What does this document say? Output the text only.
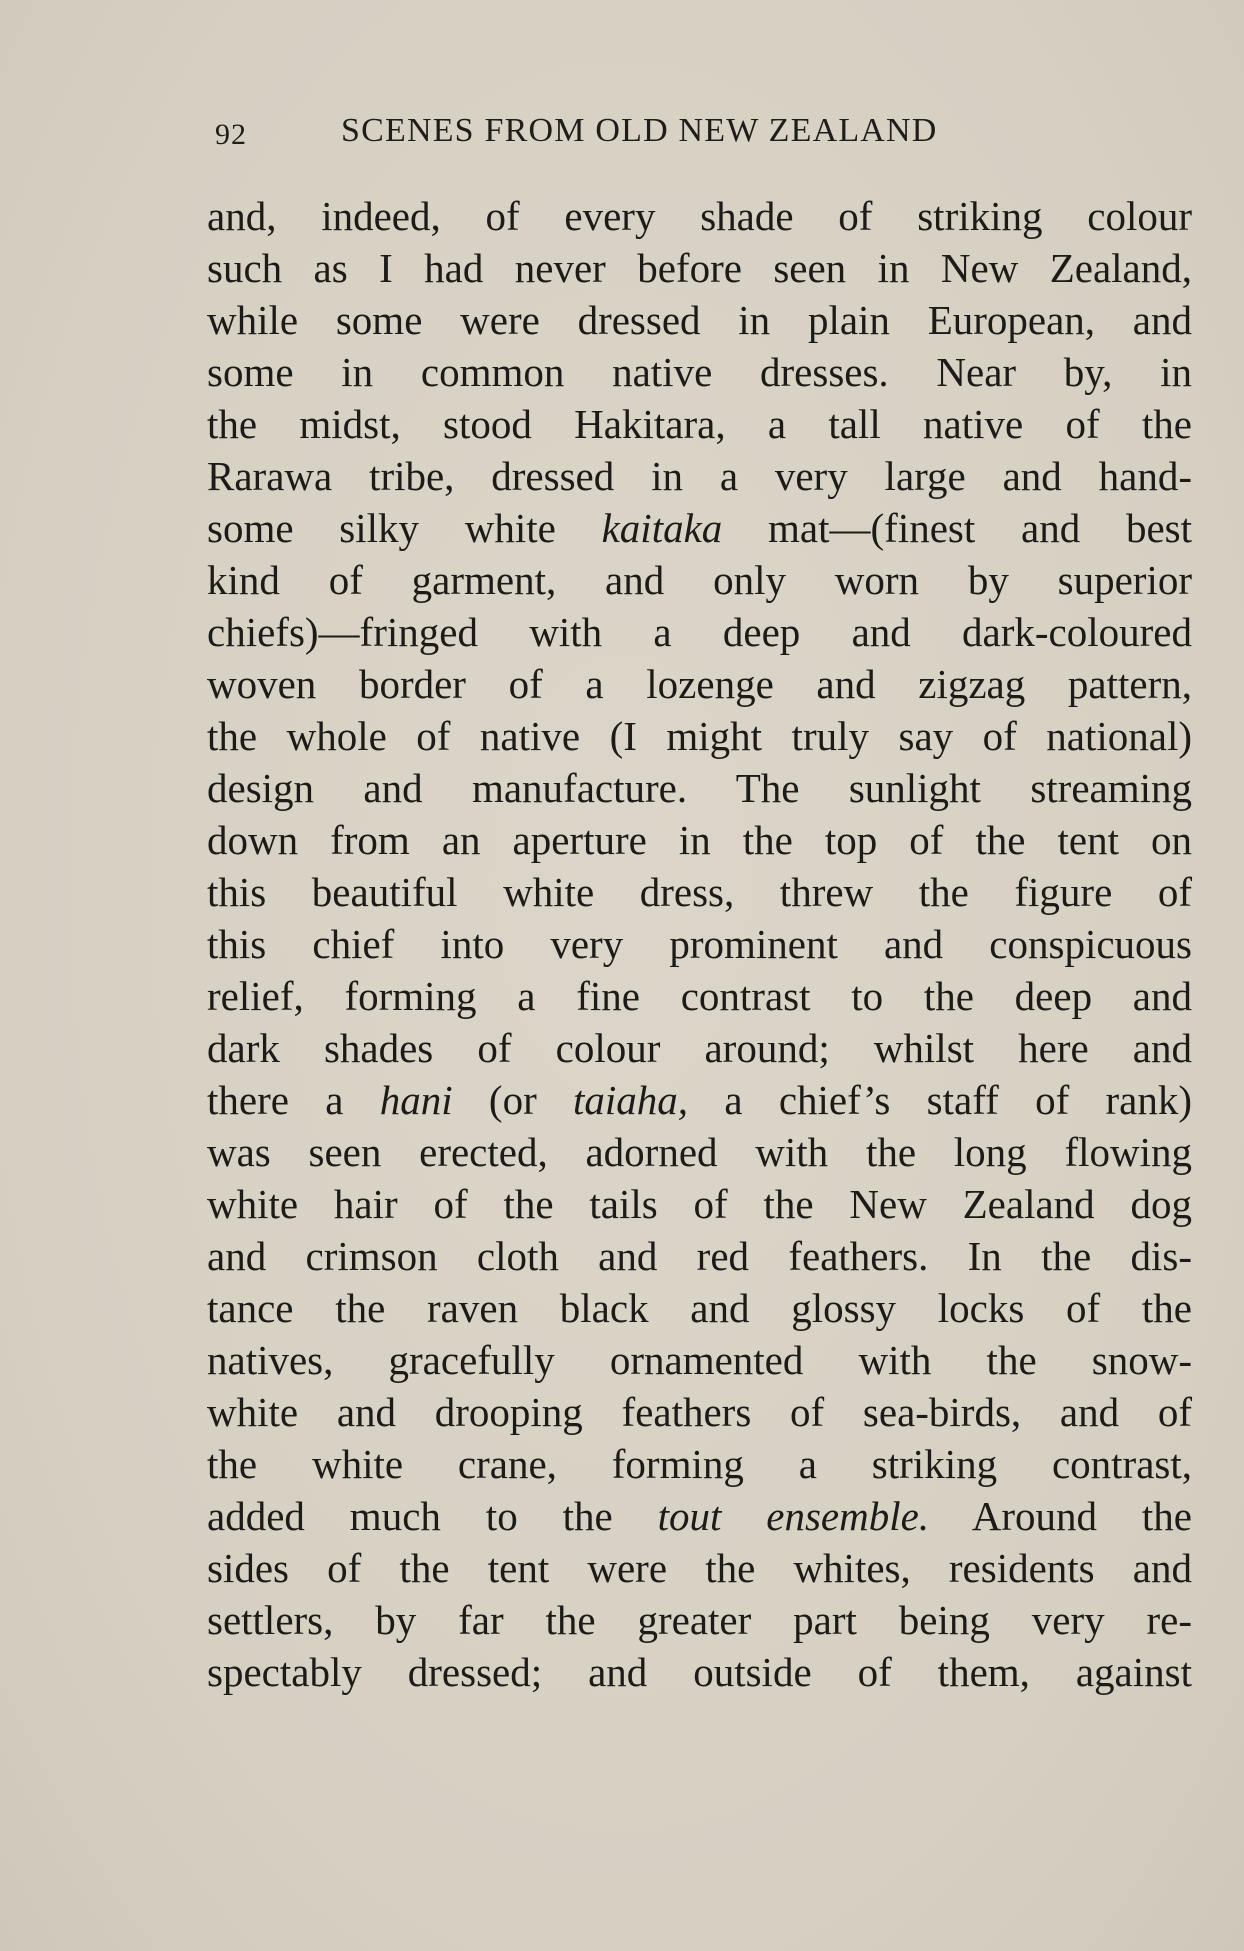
92	SCENES FROM OLD NEW ZEALAND
and, indeed, of every shade of striking colour
such as I had never before seen in New Zealand,
while some were dressed in plain European, and
some in common native dresses. Near by, in
the midst, stood Hakitara, a tall native of the
Rarawa tribe, dressed in a very large and hand-
some silky white kaitaka mat—(finest and best
kind of garment, and only worn by superior
chiefs)—fringed with a deep and dark-coloured
woven border of a lozenge and zigzag pattern,
the whole of native (I might truly say of national)
design and manufacture. The sunlight streaming
down from an aperture in the top of the tent on
this beautiful white dress, threw the figure of
this chief into very prominent and conspicuous
relief, forming a fine contrast to the deep and
dark shades of colour around; whilst here and
there a hani (or taiaha, a chief’s staff of rank)
was seen erected, adorned with the long flowing
white hair of the tails of the New Zealand dog
and crimson cloth and red feathers. In the dis-
tance the raven black and glossy locks of the
natives, gracefully ornamented with the snow-
white and drooping feathers of sea-birds, and of
the white crane, forming a striking contrast,
added much to the tout ensemble. Around the
sides of the tent were the whites, residents and
settlers, by far the greater part being very re-
spectably dressed; and outside of them, against
